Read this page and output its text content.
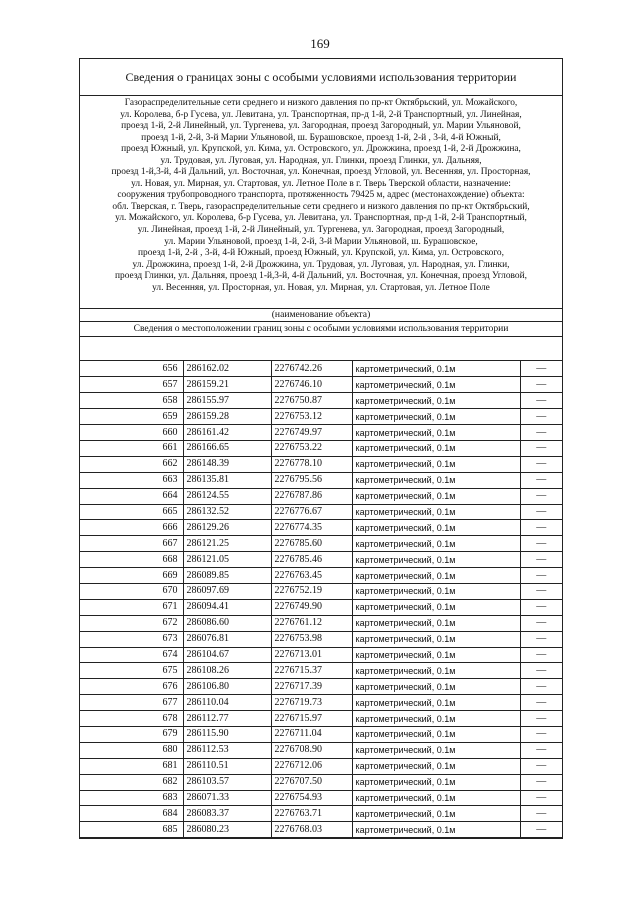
169
Сведения о границах зоны с особыми условиями использования территории
Газораспределительные сети среднего и низкого давления по пр-кт Октябрьский, ул. Можайского,
ул. Королева, б-р Гусева, ул. Левитана, ул. Транспортная, пр-д 1-й, 2-й Транспортный, ул. Линейная,
проезд 1-й, 2-й Линейный, ул. Тургенева, ул. Загородная, проезд Загородный, ул. Марии Ульяновой,
проезд 1-й, 2-й, 3-й Марии Ульяновой, ш. Бурашовское, проезд 1-й, 2-й , 3-й, 4-й Южный,
проезд Южный, ул. Крупской, ул. Кима, ул. Островского, ул. Дрожжина, проезд 1-й, 2-й Дрожжина,
ул. Трудовая, ул. Луговая, ул. Народная, ул. Глинки, проезд Глинки, ул. Дальняя,
проезд 1-й,3-й, 4-й Дальний, ул. Восточная, ул. Конечная, проезд Угловой, ул. Весенняя, ул. Просторная,
ул. Новая, ул. Мирная, ул. Стартовая, ул. Летное Поле в г. Тверь Тверской области, назначение:
сооружения трубопроводного транспорта, протяженность 79425 м, адрес (местонахождение) объекта:
обл. Тверская, г. Тверь, газораспределительные сети среднего и низкого давления по пр-кт Октябрьский,
ул. Можайского, ул. Королева, б-р Гусева, ул. Левитана, ул. Транспортная, пр-д 1-й, 2-й Транспортный,
ул. Линейная, проезд 1-й, 2-й Линейный, ул. Тургенева, ул. Загородная, проезд Загородный,
ул. Марии Ульяновой, проезд 1-й, 2-й, 3-й Марии Ульяновой, ш. Бурашовское,
проезд 1-й, 2-й , 3-й, 4-й Южный, проезд Южный, ул. Крупской, ул. Кима, ул. Островского,
ул. Дрожжина, проезд 1-й, 2-й Дрожжина, ул. Трудовая, ул. Луговая, ул. Народная, ул. Глинки,
проезд Глинки, ул. Дальняя, проезд 1-й,3-й, 4-й Дальний, ул. Восточная, ул. Конечная, проезд Угловой,
ул. Весенняя, ул. Просторная, ул. Новая, ул. Мирная, ул. Стартовая, ул. Летное Поле
(наименование объекта)
Сведения о местоположении границ зоны с особыми условиями использования территории
656	286162.02	2276742.26	картометрический, 0.1м	—
657	286159.21	2276746.10	картометрический, 0.1м	—
658	286155.97	2276750.87	картометрический, 0.1м	—
659	286159.28	2276753.12	картометрический, 0.1м	—
660	286161.42	2276749.97	картометрический, 0.1м	—
661	286166.65	2276753.22	картометрический, 0.1м	—
662	286148.39	2276778.10	картометрический, 0.1м	—
663	286135.81	2276795.56	картометрический, 0.1м	—
664	286124.55	2276787.86	картометрический, 0.1м	—
665	286132.52	2276776.67	картометрический, 0.1м	—
666	286129.26	2276774.35	картометрический, 0.1м	—
667	286121.25	2276785.60	картометрический, 0.1м	—
668	286121.05	2276785.46	картометрический, 0.1м	—
669	286089.85	2276763.45	картометрический, 0.1м	—
670	286097.69	2276752.19	картометрический, 0.1м	—
671	286094.41	2276749.90	картометрический, 0.1м	—
672	286086.60	2276761.12	картометрический, 0.1м	—
673	286076.81	2276753.98	картометрический, 0.1м	—
674	286104.67	2276713.01	картометрический, 0.1м	—
675	286108.26	2276715.37	картометрический, 0.1м	—
676	286106.80	2276717.39	картометрический, 0.1м	—
677	286110.04	2276719.73	картометрический, 0.1м	—
678	286112.77	2276715.97	картометрический, 0.1м	—
679	286115.90	2276711.04	картометрический, 0.1м	—
680	286112.53	2276708.90	картометрический, 0.1м	—
681	286110.51	2276712.06	картометрический, 0.1м	—
682	286103.57	2276707.50	картометрический, 0.1м	—
683	286071.33	2276754.93	картометрический, 0.1м	—
684	286083.37	2276763.71	картометрический, 0.1м	—
685	286080.23	2276768.03	картометрический, 0.1м	—
